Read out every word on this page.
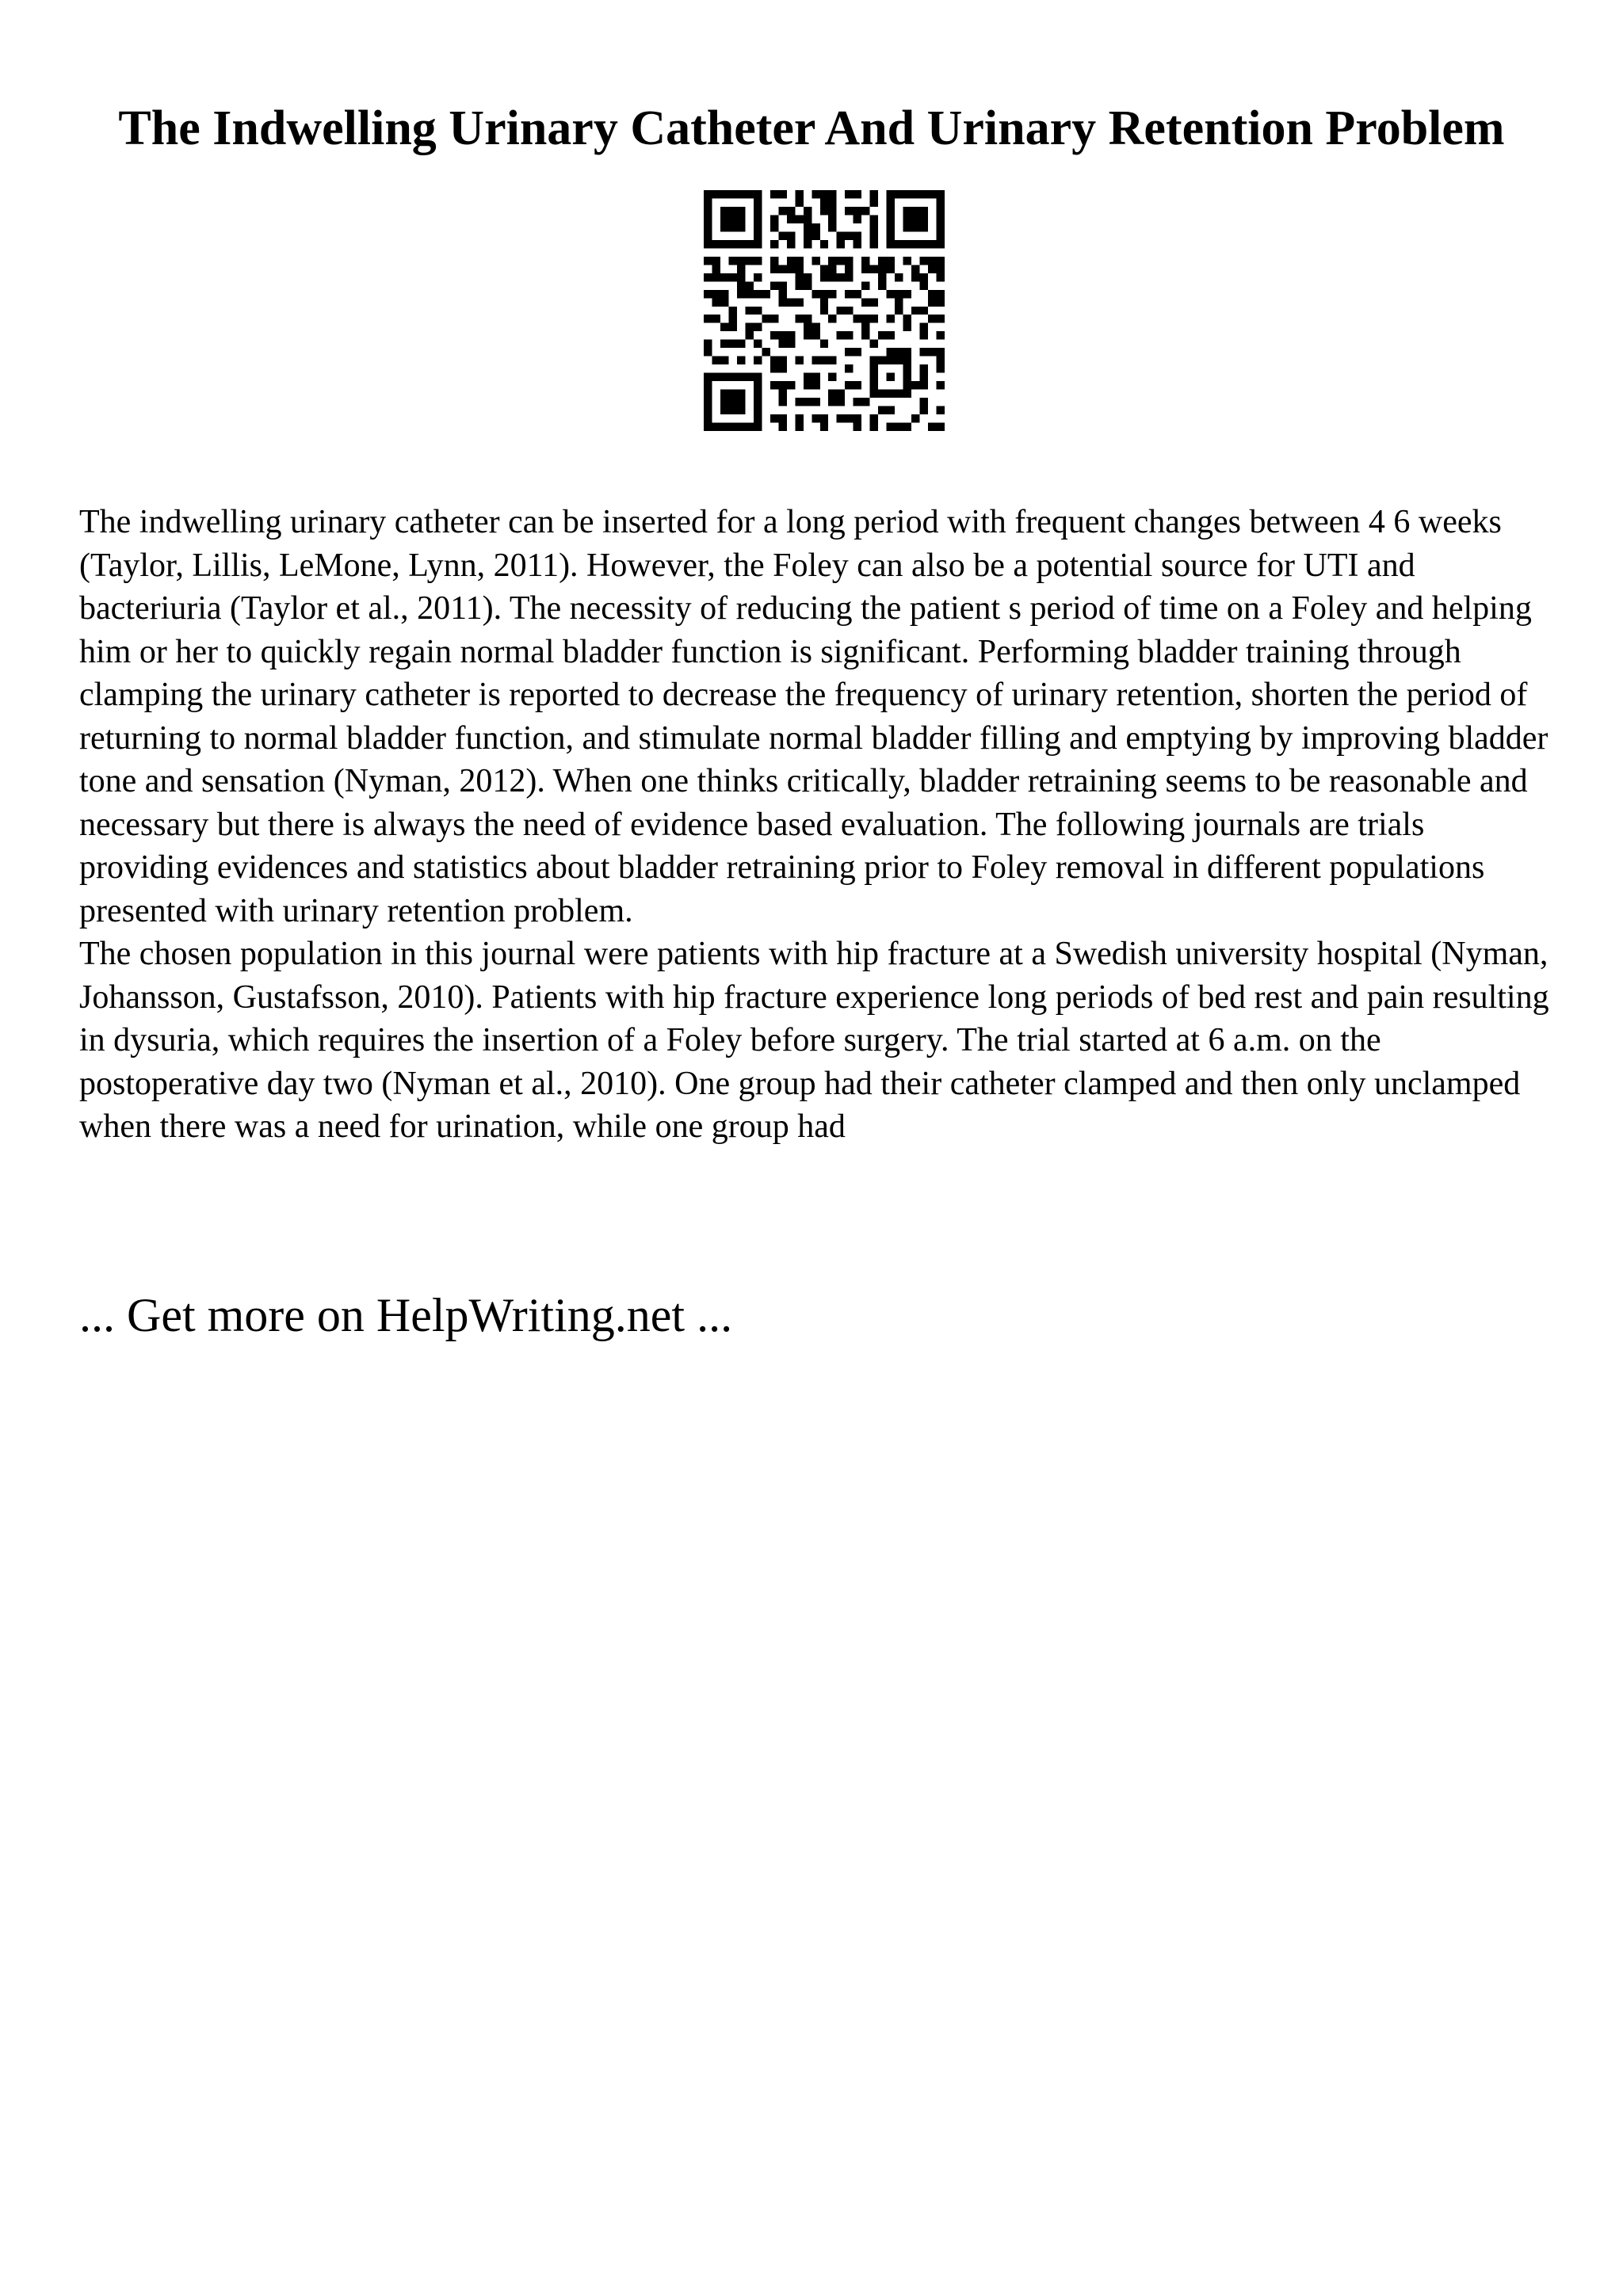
The Indwelling Urinary Catheter And Urinary Retention Problem

The indwelling urinary catheter can be inserted for a long period with frequent changes between 4 6 weeks (Taylor, Lillis, LeMone, Lynn, 2011). However, the Foley can also be a potential source for UTI and bacteriuria (Taylor et al., 2011). The necessity of reducing the patient s period of time on a Foley and helping him or her to quickly regain normal bladder function is significant. Performing bladder training through clamping the urinary catheter is reported to decrease the frequency of urinary retention, shorten the period of returning to normal bladder function, and stimulate normal bladder filling and emptying by improving bladder tone and sensation (Nyman, 2012). When one thinks critically, bladder retraining seems to be reasonable and necessary but there is always the need of evidence based evaluation. The following journals are trials providing evidences and statistics about bladder retraining prior to Foley removal in different populations presented with urinary retention problem.

The chosen population in this journal were patients with hip fracture at a Swedish university hospital (Nyman, Johansson, Gustafsson, 2010). Patients with hip fracture experience long periods of bed rest and pain resulting in dysuria, which requires the insertion of a Foley before surgery. The trial started at 6 a.m. on the postoperative day two (Nyman et al., 2010). One group had their catheter clamped and then only unclamped when there was a need for urination, while one group had

... Get more on HelpWriting.net ...
